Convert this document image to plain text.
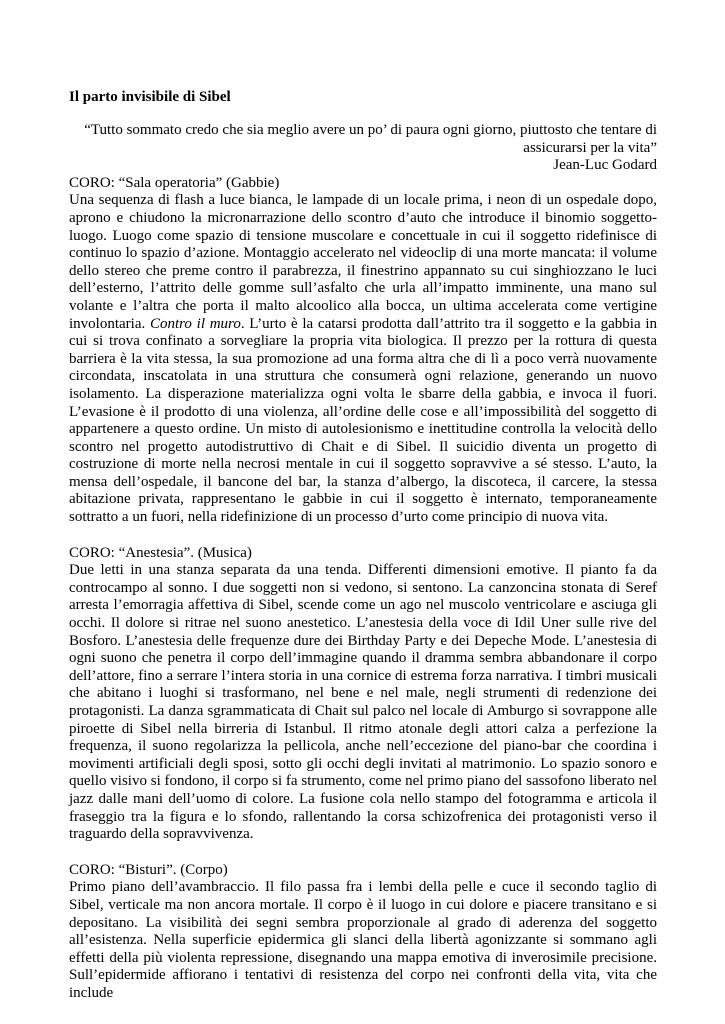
Il parto invisibile di Sibel
“Tutto sommato credo che sia meglio avere un po’ di paura ogni giorno, piuttosto che tentare di assicurarsi per la vita”
Jean-Luc Godard

CORO: “Sala operatoria” (Gabbie)

Una sequenza di flash a luce bianca, le lampade di un locale prima, i neon di un ospedale dopo, aprono e chiudono la micronarrazione dello scontro d’auto che introduce il binomio soggetto-luogo. Luogo come spazio di tensione muscolare e concettuale in cui il soggetto ridefinisce di continuo lo spazio d’azione. Montaggio accelerato nel videoclip di una morte mancata: il volume dello stereo che preme contro il parabrezza, il finestrino appannato su cui singhiozzano le luci dell’esterno, l’attrito delle gomme sull’asfalto che urla all’impatto imminente, una mano sul volante e l’altra che porta il malto alcoolico alla bocca, un ultima accelerata come vertigine involontaria. Contro il muro. L’urto è la catarsi prodotta dall’attrito tra il soggetto e la gabbia in cui si trova confinato a sorvegliare la propria vita biologica. Il prezzo per la rottura di questa barriera è la vita stessa, la sua promozione ad una forma altra che di lì a poco verrà nuovamente circondata, inscatolata in una struttura che consumerà ogni relazione, generando un nuovo isolamento. La disperazione materializza ogni volta le sbarre della gabbia, e invoca il fuori. L’evasione è il prodotto di una violenza, all’ordine delle cose e all’impossibilità del soggetto di appartenere a questo ordine. Un misto di autolesionismo e inettitudine controlla la velocità dello scontro nel progetto autodistruttivo di Chait e di Sibel. Il suicidio diventa un progetto di costruzione di morte nella necrosi mentale in cui il soggetto sopravvive a sé stesso. L’auto, la mensa dell’ospedale, il bancone del bar, la stanza d’albergo, la discoteca, il carcere, la stessa abitazione privata, rappresentano le gabbie in cui il soggetto è internato, temporaneamente sottratto a un fuori, nella ridefinizione di un processo d’urto come principio di nuova vita.

CORO: “Anestesia”. (Musica)

Due letti in una stanza separata da una tenda. Differenti dimensioni emotive. Il pianto fa da controcampo al sonno. I due soggetti non si vedono, si sentono. La canzoncina stonata di Seref arresta l’emorragia affettiva di Sibel, scende come un ago nel muscolo ventricolare e asciuga gli occhi. Il dolore si ritrae nel suono anestetico. L’anestesia della voce di Idil Uner sulle rive del Bosforo. L’anestesia delle frequenze dure dei Birthday Party e dei Depeche Mode. L’anestesia di ogni suono che penetra il corpo dell’immagine quando il dramma sembra abbandonare il corpo dell’attore, fino a serrare l’intera storia in una cornice di estrema forza narrativa. I timbri musicali che abitano i luoghi si trasformano, nel bene e nel male, negli strumenti di redenzione dei protagonisti. La danza sgrammaticata di Chait sul palco nel locale di Amburgo si sovrappone alle piroette di Sibel nella birreria di Istanbul. Il ritmo atonale degli attori calza a perfezione la frequenza, il suono regolarizza la pellicola, anche nell’eccezione del piano-bar che coordina i movimenti artificiali degli sposi, sotto gli occhi degli invitati al matrimonio. Lo spazio sonoro e quello visivo si fondono, il corpo si fa strumento, come nel primo piano del sassofono liberato nel jazz dalle mani dell’uomo di colore. La fusione cola nello stampo del fotogramma e articola il fraseggio tra la figura e lo sfondo, rallentando la corsa schizofrenica dei protagonisti verso il traguardo della sopravvivenza.

CORO: “Bisturi”. (Corpo)

Primo piano dell’avambraccio. Il filo passa fra i lembi della pelle e cuce il secondo taglio di Sibel, verticale ma non ancora mortale. Il corpo è il luogo in cui dolore e piacere transitano e si depositano. La visibilità dei segni sembra proporzionale al grado di aderenza del soggetto all’esistenza. Nella superficie epidermica gli slanci della libertà agonizzante si sommano agli effetti della più violenta repressione, disegnando una mappa emotiva di inverosimile precisione. Sull’epidermide affiorano i tentativi di resistenza del corpo nei confronti della vita, vita che include
